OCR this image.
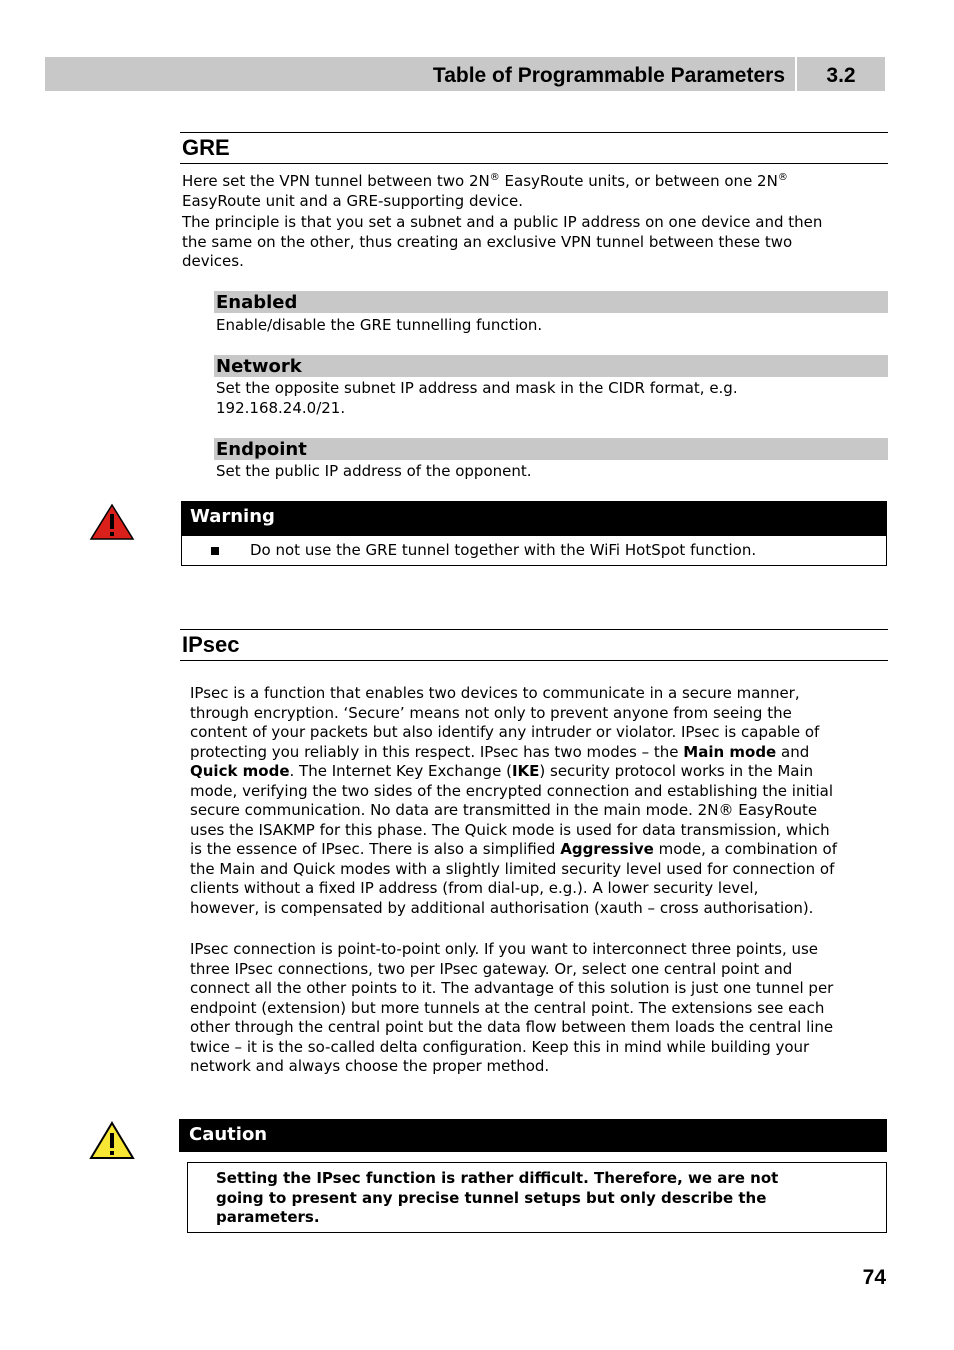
Table of Programmable Parameters	3.2
GRE
Here set the VPN tunnel between two 2N® EasyRoute units, or between one 2N®
EasyRoute unit and a GRE-supporting device.
The principle is that you set a subnet and a public IP address on one device and then
the same on the other, thus creating an exclusive VPN tunnel between these two
devices.
Enabled
Enable/disable the GRE tunnelling function.
Network
Set the opposite subnet IP address and mask in the CIDR format, e.g.
192.168.24.0/21.
Endpoint
Set the public IP address of the opponent.
Warning
Do not use the GRE tunnel together with the WiFi HotSpot function.
IPsec
IPsec is a function that enables two devices to communicate in a secure manner,
through encryption. ‘Secure’ means not only to prevent anyone from seeing the
content of your packets but also identify any intruder or violator. IPsec is capable of
protecting you reliably in this respect. IPsec has two modes – the Main mode and
Quick mode. The Internet Key Exchange (IKE) security protocol works in the Main
mode, verifying the two sides of the encrypted connection and establishing the initial
secure communication. No data are transmitted in the main mode. 2N® EasyRoute
uses the ISAKMP for this phase. The Quick mode is used for data transmission, which
is the essence of IPsec. There is also a simplified Aggressive mode, a combination of
the Main and Quick modes with a slightly limited security level used for connection of
clients without a fixed IP address (from dial-up, e.g.). A lower security level,
however, is compensated by additional authorisation (xauth – cross authorisation).
IPsec connection is point-to-point only. If you want to interconnect three points, use
three IPsec connections, two per IPsec gateway. Or, select one central point and
connect all the other points to it. The advantage of this solution is just one tunnel per
endpoint (extension) but more tunnels at the central point. The extensions see each
other through the central point but the data flow between them loads the central line
twice – it is the so-called delta configuration. Keep this in mind while building your
network and always choose the proper method.
Caution
Setting the IPsec function is rather difficult. Therefore, we are not
going to present any precise tunnel setups but only describe the
parameters.
74
